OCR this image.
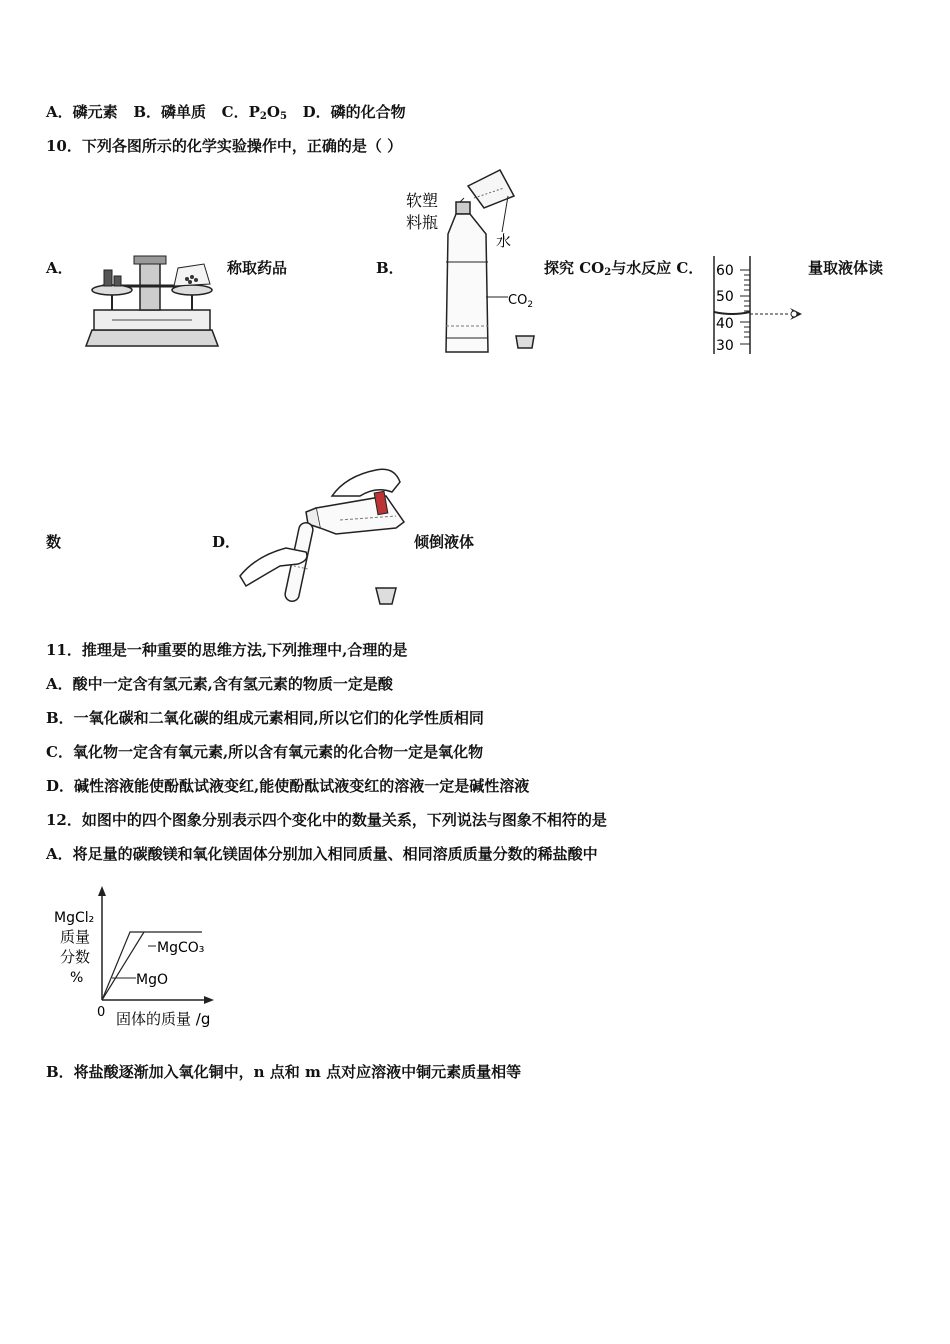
A．磷元素 B．磷单质 C．$P_2O_5$ D．磷的化合物
10．下列各图所示的化学实验操作中，正确的是（ ）
A．	称取药品	B．	探究 $CO_2$与水反应 C．	量取液体读
软塑
料瓶
水
$CO_2$
60
50
40
30
数	D．	倾倒液体
11．推理是一种重要的思维方法,下列推理中,合理的是
A．酸中一定含有氢元素,含有氢元素的物质一定是酸
B．一氧化碳和二氧化碳的组成元素相同,所以它们的化学性质相同
C．氧化物一定含有氧元素,所以含有氧元素的化合物一定是氧化物
D．碱性溶液能使酚酞试液变红,能使酚酞试液变红的溶液一定是碱性溶液
12．如图中的四个图象分别表示四个变化中的数量关系，下列说法与图象不相符的是
A．将足量的碳酸镁和氧化镁固体分别加入相同质量、相同溶质质量分数的稀盐酸中
MgCl₂
质量
分数
%
0 固体的质量 /g
MgCO₃
MgO
B．将盐酸逐渐加入氧化铜中，n 点和 m 点对应溶液中铜元素质量相等
